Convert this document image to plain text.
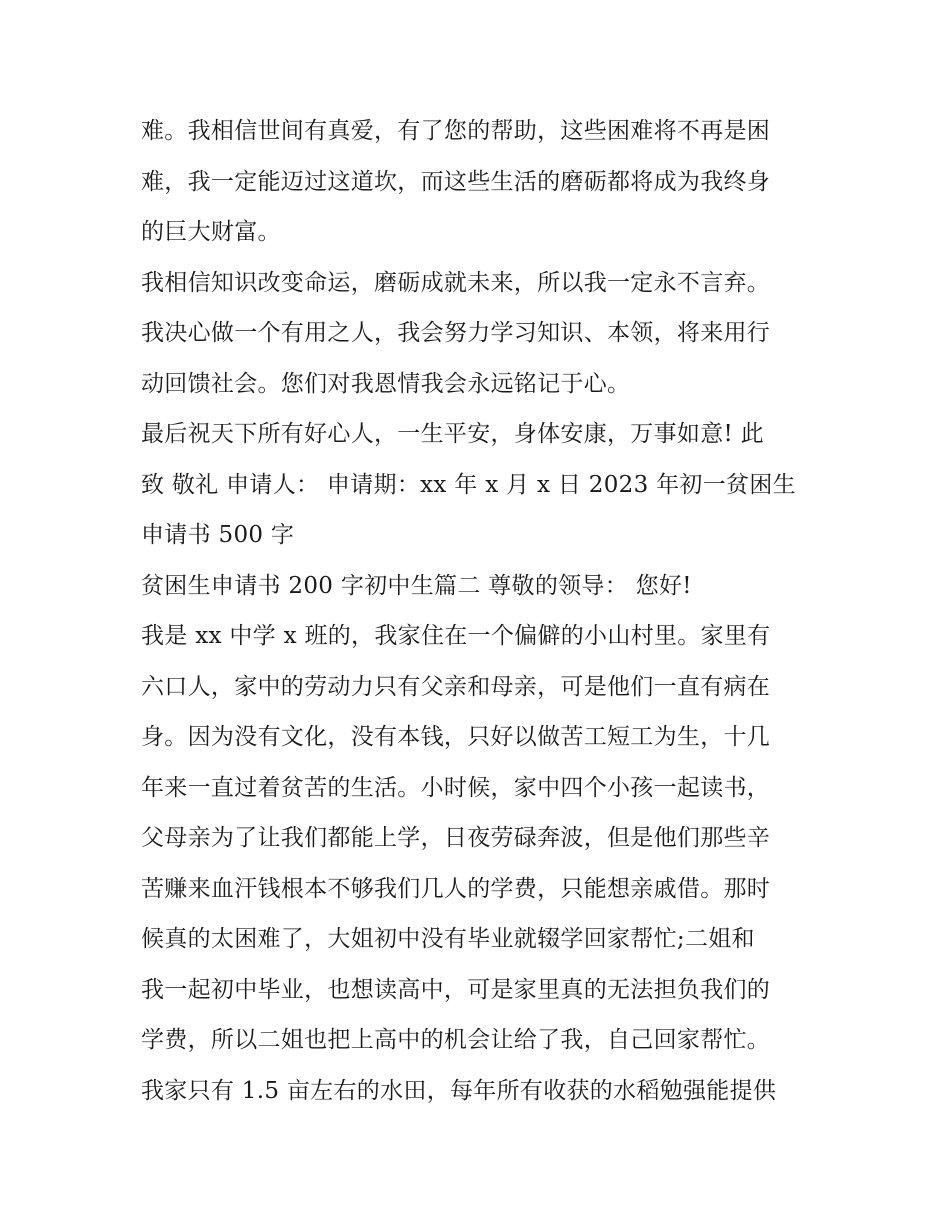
难。我相信世间有真爱，有了您的帮助，这些困难将不再是困
难，我一定能迈过这道坎，而这些生活的磨砺都将成为我终身
的巨大财富。
我相信知识改变命运，磨砺成就未来，所以我一定永不言弃。
我决心做一个有用之人，我会努力学习知识、本领，将来用行
动回馈社会。您们对我恩情我会永远铭记于心。
最后祝天下所有好心人，一生平安，身体安康，万事如意! 此
致 敬礼 申请人： 申请期：xx 年 x 月 x 日 2023 年初一贫困生
申请书 500 字
贫困生申请书 200 字初中生篇二 尊敬的领导： 您好!
我是 xx 中学 x 班的，我家住在一个偏僻的小山村里。家里有
六口人，家中的劳动力只有父亲和母亲，可是他们一直有病在
身。因为没有文化，没有本钱，只好以做苦工短工为生，十几
年来一直过着贫苦的生活。小时候，家中四个小孩一起读书，
父母亲为了让我们都能上学，日夜劳碌奔波，但是他们那些辛
苦赚来血汗钱根本不够我们几人的学费，只能想亲戚借。那时
候真的太困难了，大姐初中没有毕业就辍学回家帮忙;二姐和
我一起初中毕业，也想读高中，可是家里真的无法担负我们的
学费，所以二姐也把上高中的机会让给了我，自己回家帮忙。
我家只有 1.5 亩左右的水田，每年所有收获的水稻勉强能提供
